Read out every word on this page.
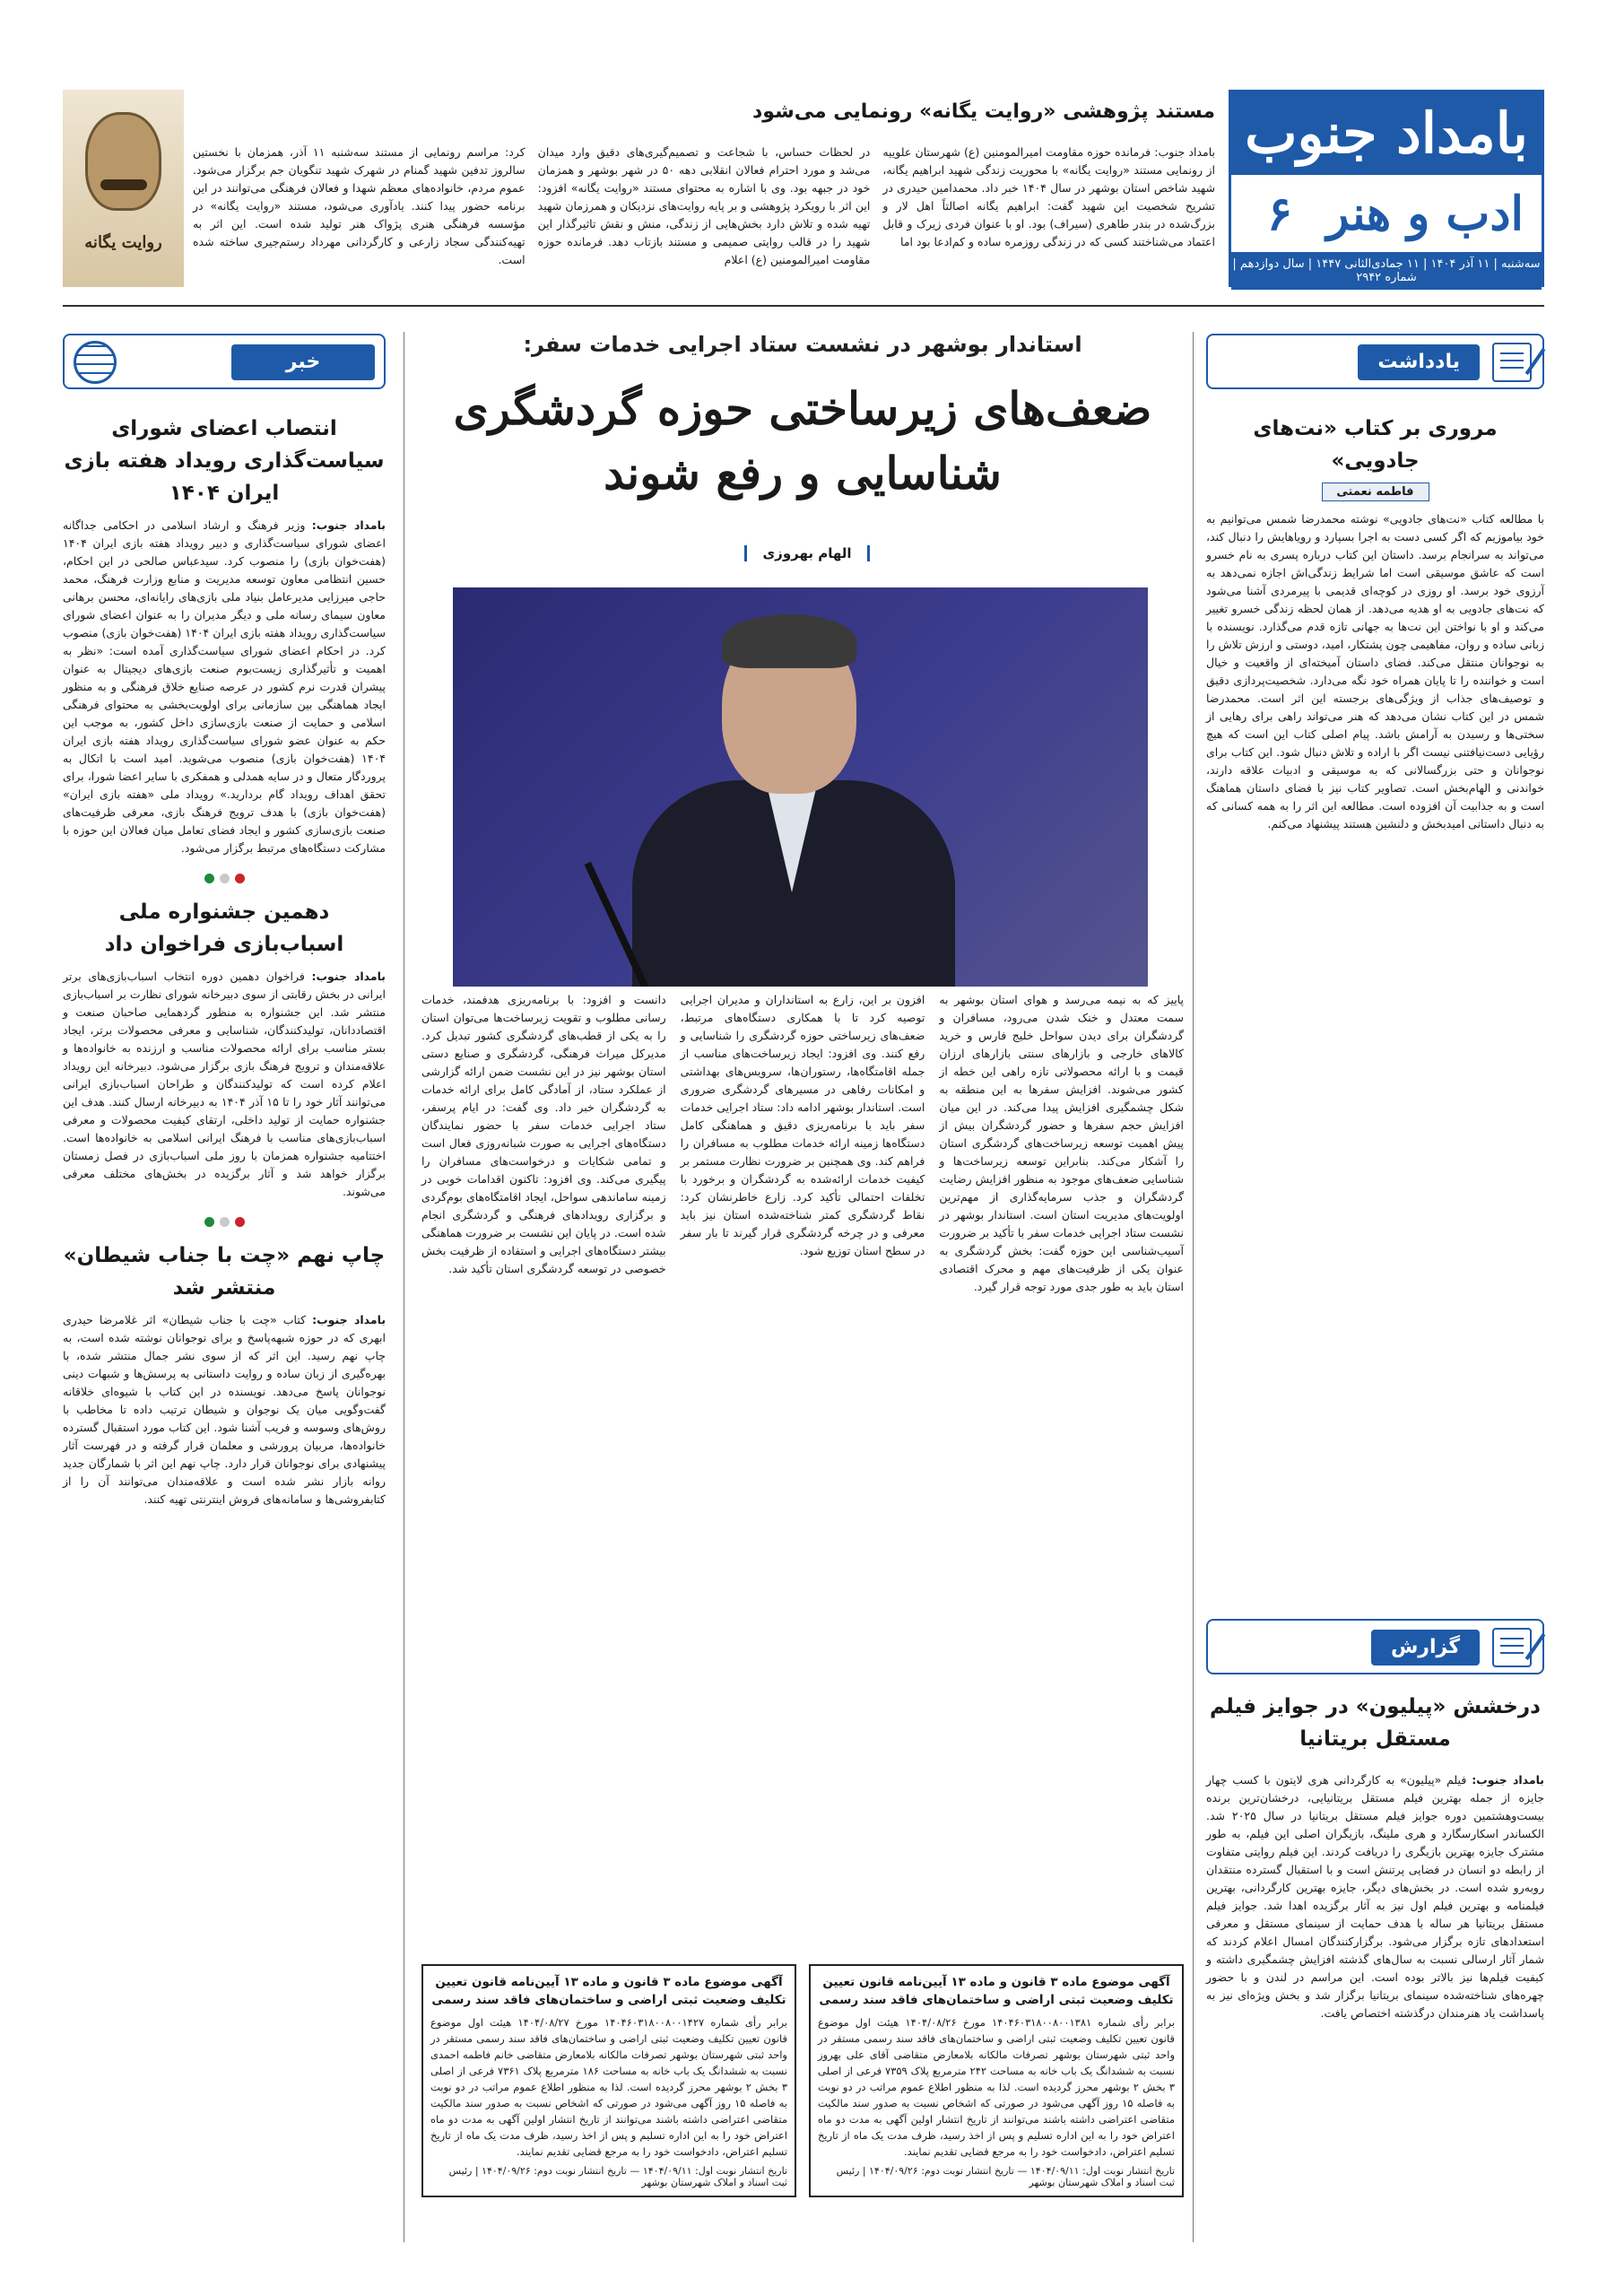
بامداد جنوب
ادب و هنر
۶
سه‌شنبه | ۱۱ آذر ۱۴۰۴ | ۱۱ جمادی‌الثانی ۱۴۴۷ | سال دوازدهم | شماره ۲۹۴۲
مستند پژوهشی «روایت یگانه» رونمایی می‌شود
بامداد جنوب: فرمانده حوزه مقاومت امیرالمومنین (ع) شهرستان علوییه از رونمایی مستند «روایت یگانه» با محوریت زندگی شهید ابراهیم یگانه، شهید شاخص استان بوشهر در سال ۱۴۰۴ خبر داد. محمدامین حیدری در تشریح شخصیت این شهید گفت: ابراهیم یگانه اصالتاً اهل لار و بزرگ‌شده در بندر طاهری (سیراف) بود. او با عنوان فردی زیرک و قابل اعتماد می‌شناختند کسی که در زندگی روزمره ساده و کم‌ادعا بود اما
در لحظات حساس، با شجاعت و تصمیم‌گیری‌های دقیق وارد میدان می‌شد و مورد احترام فعالان انقلابی دهه ۵۰ در شهر بوشهر و همزمان خود در جبهه بود. وی با اشاره به محتوای مستند «روایت یگانه» افزود: این اثر با رویکرد پژوهشی و بر پایه روایت‌های نزدیکان و همرزمان شهید تهیه شده و تلاش دارد بخش‌هایی از زندگی، منش و نقش تاثیرگذار این شهید را در قالب روایتی صمیمی و مستند بازتاب دهد. فرمانده حوزه مقاومت امیرالمومنین (ع) اعلام
کرد: مراسم رونمایی از مستند سه‌شنبه ۱۱ آذر، همزمان با نخستین سالروز تدفین شهید گمنام در شهرک شهید تنگویان جم برگزار می‌شود. عموم مردم، خانواده‌های معظم شهدا و فعالان فرهنگی می‌توانند در این برنامه حضور پیدا کنند. یادآوری می‌شود، مستند «روایت یگانه» در مؤسسه فرهنگی هنری پژواک هنر تولید شده است. این اثر به تهیه‌کنندگی سجاد زارعی و کارگردانی مهرداد رستم‌جیری ساخته شده است.
روایت یگانه
خبر
انتصاب اعضای شورای سیاست‌گذاری رویداد هفته بازی ایران ۱۴۰۴

بامداد جنوب: وزیر فرهنگ و ارشاد اسلامی در احکامی جداگانه اعضای شورای سیاست‌گذاری و دبیر رویداد هفته بازی ایران ۱۴۰۴ (هفت‌خوان بازی) را منصوب کرد. سیدعباس صالحی در این احکام، حسین انتظامی معاون توسعه مدیریت و منابع وزارت فرهنگ، محمد حاجی میرزایی مدیرعامل بنیاد ملی بازی‌های رایانه‌ای، محسن برهانی معاون سیمای رسانه ملی و دیگر مدیران را به عنوان اعضای شورای سیاست‌گذاری رویداد هفته بازی ایران ۱۴۰۴ (هفت‌خوان بازی) منصوب کرد. در احکام اعضای شورای سیاست‌گذاری آمده است: «نظر به اهمیت و تأثیرگذاری زیست‌بوم صنعت بازی‌های دیجیتال به عنوان پیشران قدرت نرم کشور در عرصه صنایع خلاق فرهنگی و به منظور ایجاد هماهنگی بین سازمانی برای اولویت‌بخشی به محتوای فرهنگی اسلامی و حمایت از صنعت بازی‌سازی داخل کشور، به موجب این حکم به عنوان عضو شورای سیاست‌گذاری رویداد هفته بازی ایران ۱۴۰۴ (هفت‌خوان بازی) منصوب می‌شوید. امید است با اتکال به پروردگار متعال و در سایه همدلی و همفکری با سایر اعضا شورا، برای تحقق اهداف رویداد گام بردارید.» رویداد ملی «هفته بازی ایران» (هفت‌خوان بازی) با هدف ترویج فرهنگ بازی، معرفی ظرفیت‌های صنعت بازی‌سازی کشور و ایجاد فضای تعامل میان فعالان این حوزه با مشارکت دستگاه‌های مرتبط برگزار می‌شود.

دهمین جشنواره ملی اسباب‌بازی فراخوان داد

بامداد جنوب: فراخوان دهمین دوره انتخاب اسباب‌بازی‌های برتر ایرانی در بخش رقابتی از سوی دبیرخانه شورای نظارت بر اسباب‌بازی منتشر شد. این جشنواره به منظور گردهمایی صاحبان صنعت و اقتصاددانان، تولیدکنندگان، شناسایی و معرفی محصولات برتر، ایجاد بستر مناسب برای ارائه محصولات مناسب و ارزنده به خانواده‌ها و علاقه‌مندان و ترویج فرهنگ بازی برگزار می‌شود. دبیرخانه این رویداد اعلام کرده است که تولیدکنندگان و طراحان اسباب‌بازی ایرانی می‌توانند آثار خود را تا ۱۵ آذر ۱۴۰۴ به دبیرخانه ارسال کنند. هدف این جشنواره حمایت از تولید داخلی، ارتقای کیفیت محصولات و معرفی اسباب‌بازی‌های مناسب با فرهنگ ایرانی اسلامی به خانواده‌ها است. اختتامیه جشنواره همزمان با روز ملی اسباب‌بازی در فصل زمستان برگزار خواهد شد و آثار برگزیده در بخش‌های مختلف معرفی می‌شوند.

چاپ نهم «چت با جناب شیطان» منتشر شد

بامداد جنوب: کتاب «چت با جناب شیطان» اثر غلامرضا حیدری ابهری که در حوزه شبهه‌پاسخ و برای نوجوانان نوشته شده است، به چاپ نهم رسید. این اثر که از سوی نشر جمال منتشر شده، با بهره‌گیری از زبان ساده و روایت داستانی به پرسش‌ها و شبهات دینی نوجوانان پاسخ می‌دهد. نویسنده در این کتاب با شیوه‌ای خلاقانه گفت‌وگویی میان یک نوجوان و شیطان ترتیب داده تا مخاطب با روش‌های وسوسه و فریب آشنا شود. این کتاب مورد استقبال گسترده خانواده‌ها، مربیان پرورشی و معلمان قرار گرفته و در فهرست آثار پیشنهادی برای نوجوانان قرار دارد. چاپ نهم این اثر با شمارگان جدید روانه بازار نشر شده است و علاقه‌مندان می‌توانند آن را از کتابفروشی‌ها و سامانه‌های فروش اینترنتی تهیه کنند.

استاندار بوشهر در نشست ستاد اجرایی خدمات سفر:
ضعف‌های زیرساختی حوزه گردشگری شناسایی و رفع شوند
الهام بهروزی
پاییز که به نیمه می‌رسد و هوای استان بوشهر به سمت معتدل و خنک شدن می‌رود، مسافران و گردشگران برای دیدن سواحل خلیج فارس و خرید کالاهای خارجی و بازارهای سنتی بازارهای ارزان قیمت و با ارائه محصولاتی تازه راهی این خطه از کشور می‌شوند. افزایش سفرها به این منطقه به شکل چشمگیری افزایش پیدا می‌کند. در این میان افزایش حجم سفرها و حضور گردشگران بیش از پیش اهمیت توسعه زیرساخت‌های گردشگری استان را آشکار می‌کند. بنابراین توسعه زیرساخت‌ها و شناسایی ضعف‌های موجود به منظور افزایش رضایت گردشگران و جذب سرمایه‌گذاری از مهم‌ترین اولویت‌های مدیریت استان است. استاندار بوشهر در نشست ستاد اجرایی خدمات سفر با تأکید بر ضرورت آسیب‌شناسی این حوزه گفت: بخش گردشگری به عنوان یکی از ظرفیت‌های مهم و محرک اقتصادی استان باید به طور جدی مورد توجه قرار گیرد.
افزون بر این، زارع به استانداران و مدیران اجرایی توصیه کرد تا با همکاری دستگاه‌های مرتبط، ضعف‌های زیرساختی حوزه گردشگری را شناسایی و رفع کنند. وی افزود: ایجاد زیرساخت‌های مناسب از جمله اقامتگاه‌ها، رستوران‌ها، سرویس‌های بهداشتی و امکانات رفاهی در مسیرهای گردشگری ضروری است. استاندار بوشهر ادامه داد: ستاد اجرایی خدمات سفر باید با برنامه‌ریزی دقیق و هماهنگی کامل دستگاه‌ها زمینه ارائه خدمات مطلوب به مسافران را فراهم کند. وی همچنین بر ضرورت نظارت مستمر بر کیفیت خدمات ارائه‌شده به گردشگران و برخورد با تخلفات احتمالی تأکید کرد. زارع خاطرنشان کرد: نقاط گردشگری کمتر شناخته‌شده استان نیز باید معرفی و در چرخه گردشگری قرار گیرند تا بار سفر در سطح استان توزیع شود.
دانست و افزود: با برنامه‌ریزی هدفمند، خدمات رسانی مطلوب و تقویت زیرساخت‌ها می‌توان استان را به یکی از قطب‌های گردشگری کشور تبدیل کرد. مدیرکل میراث فرهنگی، گردشگری و صنایع دستی استان بوشهر نیز در این نشست ضمن ارائه گزارشی از عملکرد ستاد، از آمادگی کامل برای ارائه خدمات به گردشگران خبر داد. وی گفت: در ایام پرسفر، ستاد اجرایی خدمات سفر با حضور نمایندگان دستگاه‌های اجرایی به صورت شبانه‌روزی فعال است و تمامی شکایات و درخواست‌های مسافران را پیگیری می‌کند. وی افزود: تاکنون اقدامات خوبی در زمینه ساماندهی سواحل، ایجاد اقامتگاه‌های بوم‌گردی و برگزاری رویدادهای فرهنگی و گردشگری انجام شده است. در پایان این نشست بر ضرورت هماهنگی بیشتر دستگاه‌های اجرایی و استفاده از ظرفیت بخش خصوصی در توسعه گردشگری استان تأکید شد.
آگهی موضوع ماده ۳ قانون و ماده ۱۳ آیین‌نامه قانون تعیین تکلیف وضعیت ثبتی اراضی و ساختمان‌های فاقد سند رسمی

برابر رأی شماره ۱۴۰۴۶۰۳۱۸۰۰۸۰۰۱۳۸۱ مورخ ۱۴۰۴/۰۸/۲۶ هیئت اول موضوع قانون تعیین تکلیف وضعیت ثبتی اراضی و ساختمان‌های فاقد سند رسمی مستقر در واحد ثبتی شهرستان بوشهر تصرفات مالکانه بلامعارض متقاضی آقای علی بهروز نسبت به ششدانگ یک باب خانه به مساحت ۲۴۲ مترمربع پلاک ۷۳۵۹ فرعی از اصلی ۳ بخش ۲ بوشهر محرز گردیده است. لذا به منظور اطلاع عموم مراتب در دو نوبت به فاصله ۱۵ روز آگهی می‌شود در صورتی که اشخاص نسبت به صدور سند مالکیت متقاضی اعتراضی داشته باشند می‌توانند از تاریخ انتشار اولین آگهی به مدت دو ماه اعتراض خود را به این اداره تسلیم و پس از اخذ رسید، ظرف مدت یک ماه از تاریخ تسلیم اعتراض، دادخواست خود را به مرجع قضایی تقدیم نمایند.

تاریخ انتشار نوبت اول: ۱۴۰۴/۰۹/۱۱ — تاریخ انتشار نوبت دوم: ۱۴۰۴/۰۹/۲۶ | رئیس ثبت اسناد و املاک شهرستان بوشهر
آگهی موضوع ماده ۳ قانون و ماده ۱۳ آیین‌نامه قانون تعیین تکلیف وضعیت ثبتی اراضی و ساختمان‌های فاقد سند رسمی

برابر رأی شماره ۱۴۰۴۶۰۳۱۸۰۰۸۰۰۱۴۲۷ مورخ ۱۴۰۴/۰۸/۲۷ هیئت اول موضوع قانون تعیین تکلیف وضعیت ثبتی اراضی و ساختمان‌های فاقد سند رسمی مستقر در واحد ثبتی شهرستان بوشهر تصرفات مالکانه بلامعارض متقاضی خانم فاطمه احمدی نسبت به ششدانگ یک باب خانه به مساحت ۱۸۶ مترمربع پلاک ۷۳۶۱ فرعی از اصلی ۳ بخش ۲ بوشهر محرز گردیده است. لذا به منظور اطلاع عموم مراتب در دو نوبت به فاصله ۱۵ روز آگهی می‌شود در صورتی که اشخاص نسبت به صدور سند مالکیت متقاضی اعتراضی داشته باشند می‌توانند از تاریخ انتشار اولین آگهی به مدت دو ماه اعتراض خود را به این اداره تسلیم و پس از اخذ رسید، ظرف مدت یک ماه از تاریخ تسلیم اعتراض، دادخواست خود را به مرجع قضایی تقدیم نمایند.

تاریخ انتشار نوبت اول: ۱۴۰۴/۰۹/۱۱ — تاریخ انتشار نوبت دوم: ۱۴۰۴/۰۹/۲۶ | رئیس ثبت اسناد و املاک شهرستان بوشهر
یادداشت
مروری بر کتاب «نت‌های جادویی»
فاطمه نعمتی

با مطالعه کتاب «نت‌های جادویی» نوشته محمدرضا شمس می‌توانیم به خود بیاموزیم که اگر کسی دست به اجرا بسپارد و رویاهایش را دنبال کند، می‌تواند به سرانجام برسد. داستان این کتاب درباره پسری به نام خسرو است که عاشق موسیقی است اما شرایط زندگی‌اش اجازه نمی‌دهد به آرزوی خود برسد. او روزی در کوچه‌ای قدیمی با پیرمردی آشنا می‌شود که نت‌های جادویی به او هدیه می‌دهد. از همان لحظه زندگی خسرو تغییر می‌کند و او با نواختن این نت‌ها به جهانی تازه قدم می‌گذارد. نویسنده با زبانی ساده و روان، مفاهیمی چون پشتکار، امید، دوستی و ارزش تلاش را به نوجوانان منتقل می‌کند. فضای داستان آمیخته‌ای از واقعیت و خیال است و خواننده را تا پایان همراه خود نگه می‌دارد. شخصیت‌پردازی دقیق و توصیف‌های جذاب از ویژگی‌های برجسته این اثر است. محمدرضا شمس در این کتاب نشان می‌دهد که هنر می‌تواند راهی برای رهایی از سختی‌ها و رسیدن به آرامش باشد. پیام اصلی کتاب این است که هیچ رؤیایی دست‌نیافتنی نیست اگر با اراده و تلاش دنبال شود. این کتاب برای نوجوانان و حتی بزرگسالانی که به موسیقی و ادبیات علاقه دارند، خواندنی و الهام‌بخش است. تصاویر کتاب نیز با فضای داستان هماهنگ است و به جذابیت آن افزوده است. مطالعه این اثر را به همه کسانی که به دنبال داستانی امیدبخش و دلنشین هستند پیشنهاد می‌کنم.

گزارش
درخشش «پیلیون» در جوایز فیلم مستقل بریتانیا

بامداد جنوب: فیلم «پیلیون» به کارگردانی هری لایتون با کسب چهار جایزه از جمله بهترین فیلم مستقل بریتانیایی، درخشان‌ترین برنده بیست‌وهشتمین دوره جوایز فیلم مستقل بریتانیا در سال ۲۰۲۵ شد. الکساندر اسکارسگارد و هری ملینگ، بازیگران اصلی این فیلم، به طور مشترک جایزه بهترین بازیگری را دریافت کردند. این فیلم روایتی متفاوت از رابطه دو انسان در فضایی پرتنش است و با استقبال گسترده منتقدان روبه‌رو شده است. در بخش‌های دیگر، جایزه بهترین کارگردانی، بهترین فیلمنامه و بهترین فیلم اول نیز به آثار برگزیده اهدا شد. جوایز فیلم مستقل بریتانیا هر ساله با هدف حمایت از سینمای مستقل و معرفی استعدادهای تازه برگزار می‌شود. برگزارکنندگان امسال اعلام کردند که شمار آثار ارسالی نسبت به سال‌های گذشته افزایش چشمگیری داشته و کیفیت فیلم‌ها نیز بالاتر بوده است. این مراسم در لندن و با حضور چهره‌های شناخته‌شده سینمای بریتانیا برگزار شد و بخش ویژه‌ای نیز به پاسداشت یاد هنرمندان درگذشته اختصاص یافت.
